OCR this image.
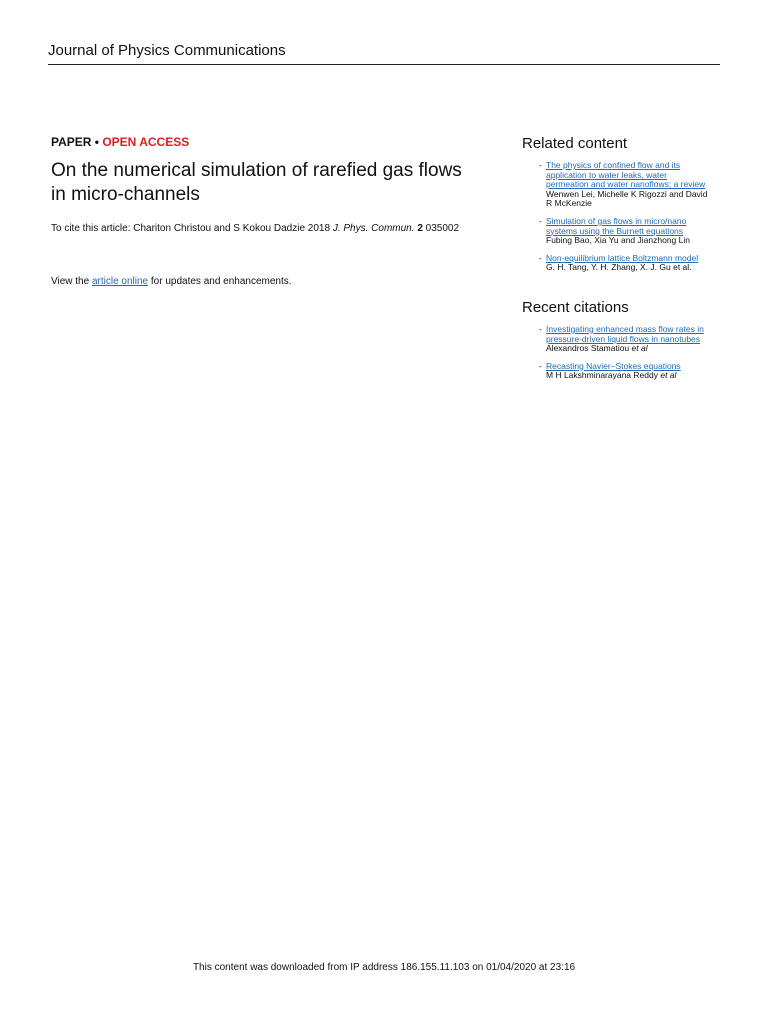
Journal of Physics Communications
PAPER • OPEN ACCESS
On the numerical simulation of rarefied gas flows
in micro-channels
To cite this article: Chariton Christou and S Kokou Dadzie 2018 J. Phys. Commun. 2 035002
View the article online for updates and enhancements.
Related content
- The physics of confined flow and its
application to water leaks, water
permeation and water nanoflows: a review
Wenwen Lei, Michelle K Rigozzi and David
R McKenzie
- Simulation of gas flows in micro/nano
systems using the Burnett equations
Fubing Bao, Xia Yu and Jianzhong Lin
- Non-equilibrium lattice Boltzmann model
G. H. Tang, Y. H. Zhang, X. J. Gu et al.
Recent citations
- Investigating enhanced mass flow rates in
pressure-driven liquid flows in nanotubes
Alexandros Stamatiou et al
- Recasting Navier–Stokes equations
M H Lakshminarayana Reddy et al
This content was downloaded from IP address 186.155.11.103 on 01/04/2020 at 23:16
